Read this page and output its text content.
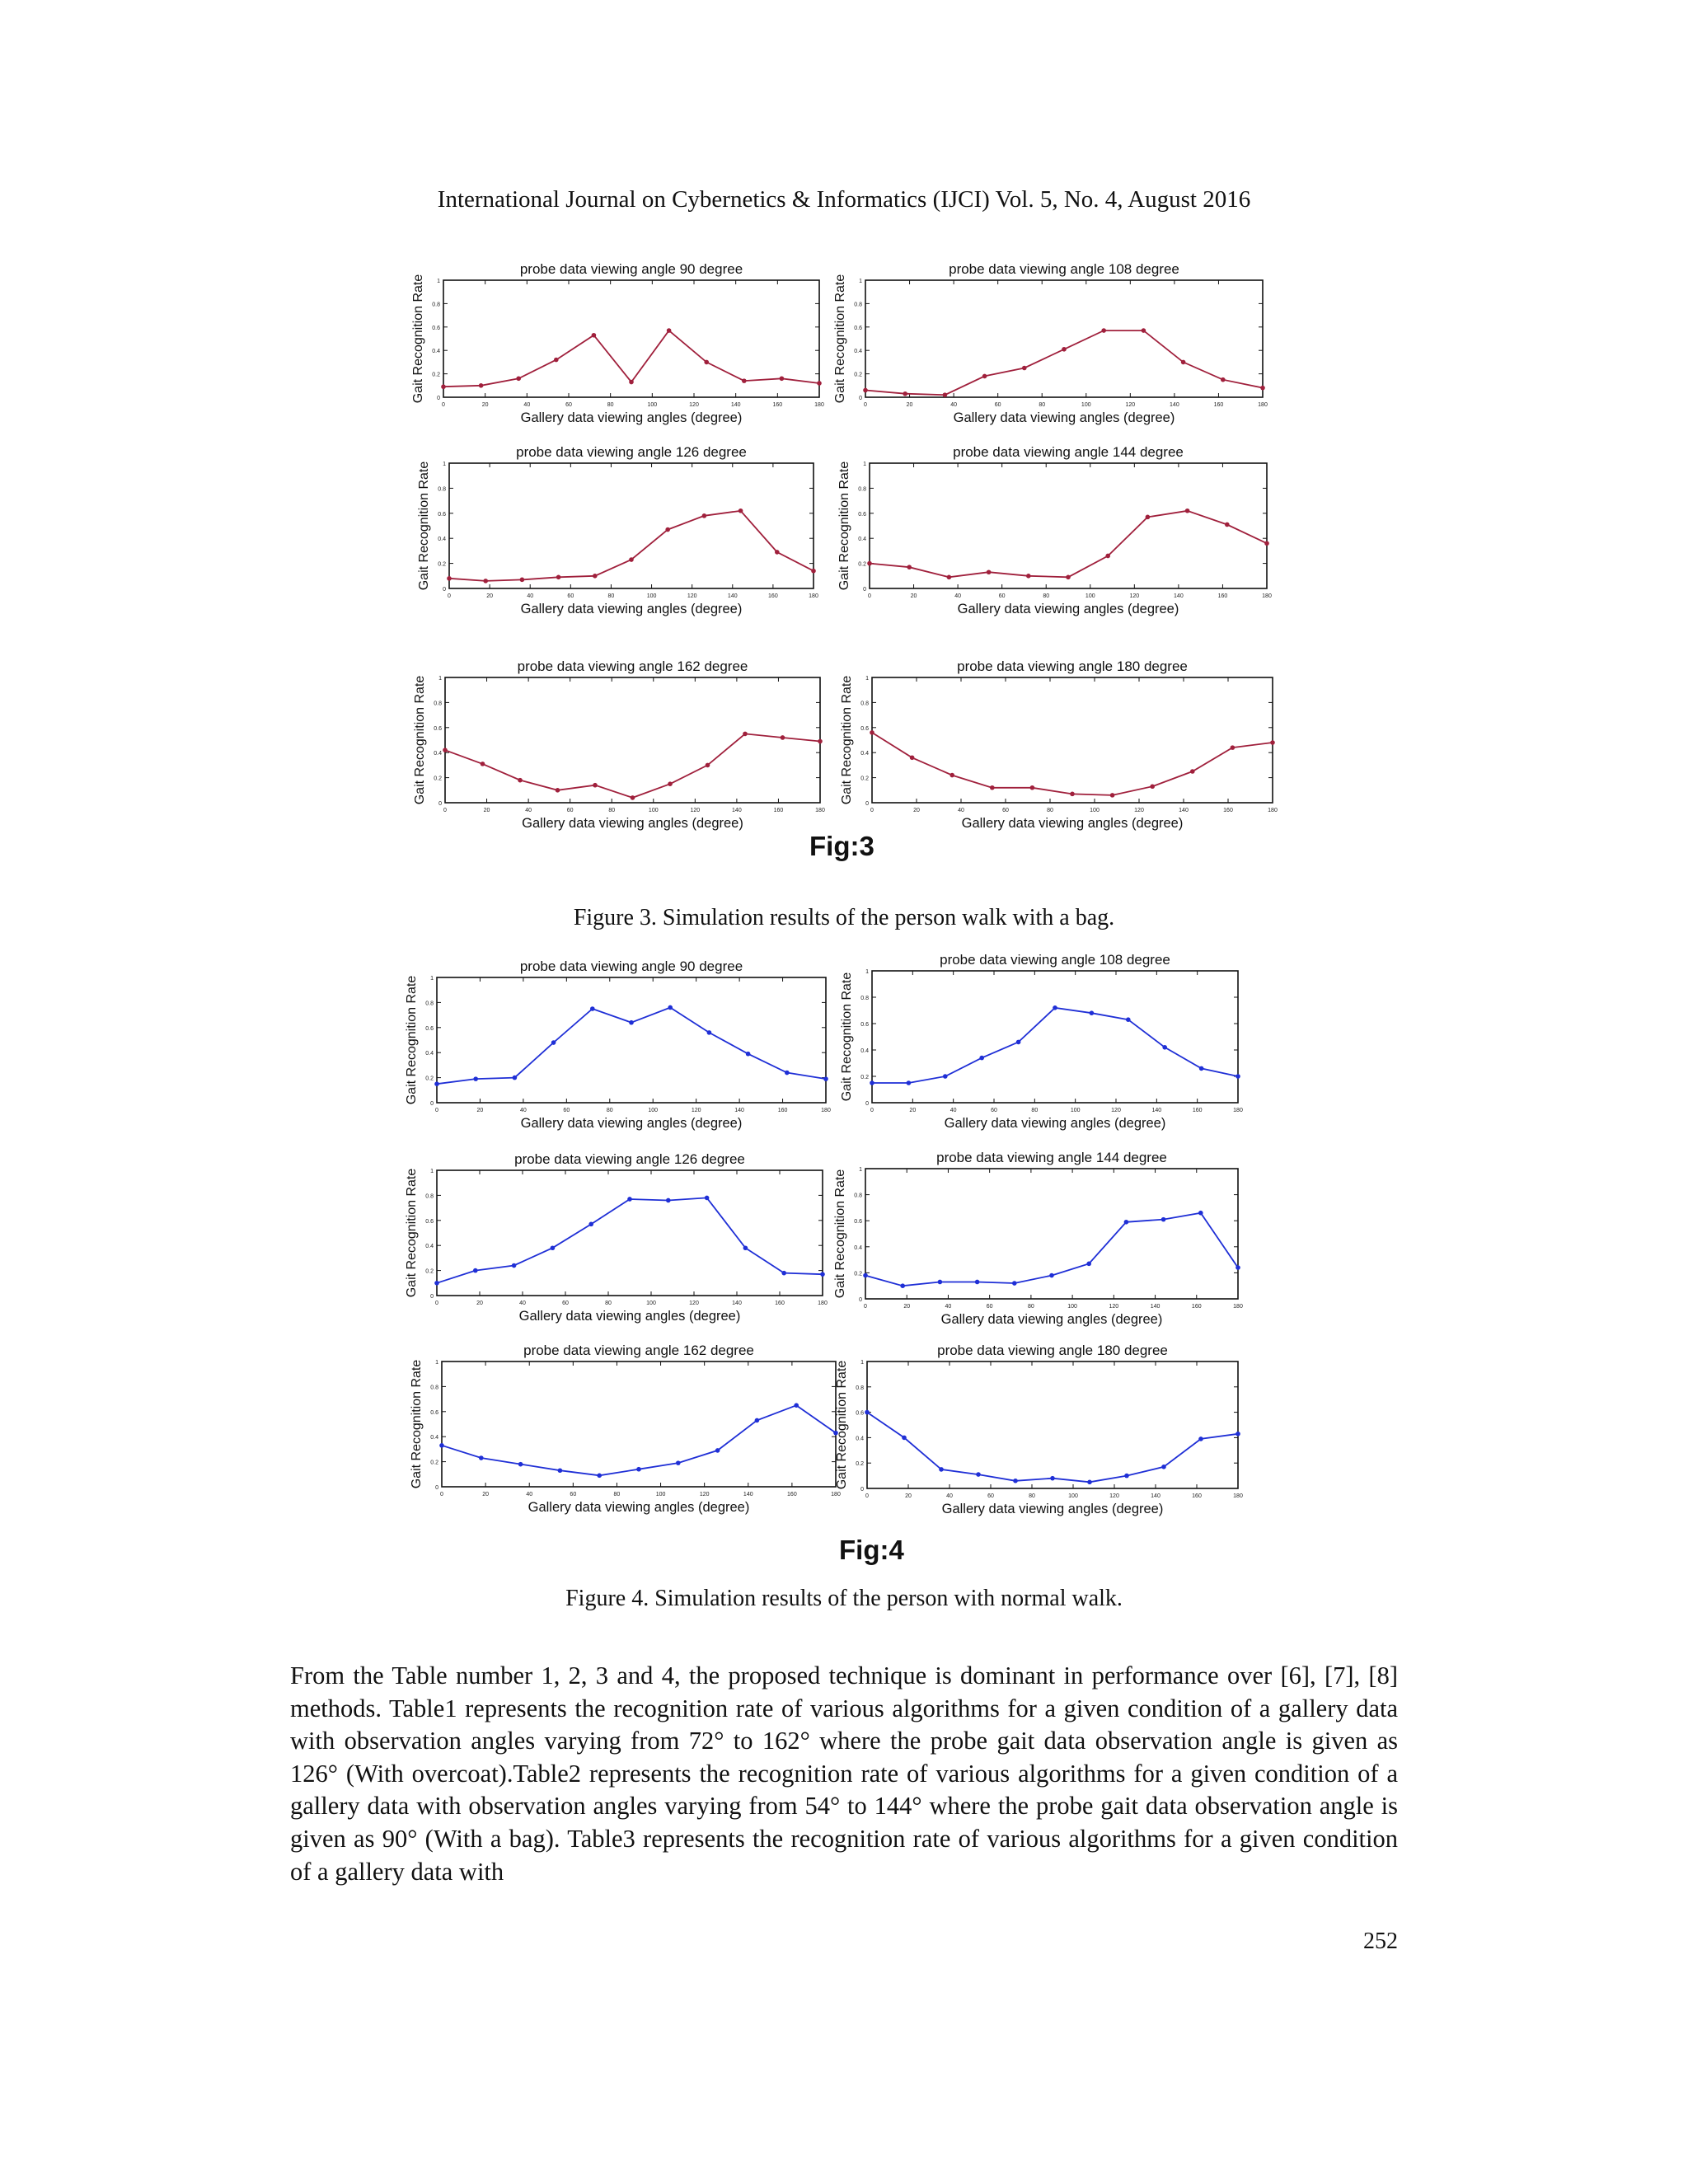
International Journal on Cybernetics & Informatics (IJCI) Vol. 5, No. 4, August 2016
0	20	40	60	80	100	120	140	160	180
0
0.2
0.4
0.6
0.8
1
probe data viewing angle 90 degree
Gallery data viewing angles (degree)
Gait Recognition Rate
0	20	40	60	80	100	120	140	160	180
0
0.2
0.4
0.6
0.8
1
probe data viewing angle 108 degree
Gallery data viewing angles (degree)
Gait Recognition Rate
0	20	40	60	80	100	120	140	160	180
0
0.2
0.4
0.6
0.8
1
probe data viewing angle 126 degree
Gallery data viewing angles (degree)
Gait Recognition Rate
0	20	40	60	80	100	120	140	160	180
0
0.2
0.4
0.6
0.8
1
probe data viewing angle 144 degree
Gallery data viewing angles (degree)
Gait Recognition Rate
0	20	40	60	80	100	120	140	160	180
0
0.2
0.4
0.6
0.8
1
probe data viewing angle 162 degree
Gallery data viewing angles (degree)
Gait Recognition Rate
0	20	40	60	80	100	120	140	160	180
0
0.2
0.4
0.6
0.8
1
probe data viewing angle 180 degree
Gallery data viewing angles (degree)
Gait Recognition Rate
Fig:3
Figure 3. Simulation results of the person walk with a bag.
0	20	40	60	80	100	120	140	160	180
0
0.2
0.4
0.6
0.8
1
probe data viewing angle 90 degree
Gallery data viewing angles (degree)
Gait Recognition Rate
0	20	40	60	80	100	120	140	160	180
0
0.2
0.4
0.6
0.8
1
probe data viewing angle 108 degree
Gallery data viewing angles (degree)
Gait Recognition Rate
0	20	40	60	80	100	120	140	160	180
0
0.2
0.4
0.6
0.8
1
probe data viewing angle 126 degree
Gallery data viewing angles (degree)
Gait Recognition Rate
0	20	40	60	80	100	120	140	160	180
0
0.2
0.4
0.6
0.8
1
probe data viewing angle 144 degree
Gallery data viewing angles (degree)
Gait Recognition Rate
0	20	40	60	80	100	120	140	160	180
0
0.2
0.4
0.6
0.8
1
probe data viewing angle 162 degree
Gallery data viewing angles (degree)
Gait Recognition Rate
0	20	40	60	80	100	120	140	160	180
0
0.2
0.4
0.6
0.8
1
probe data viewing angle 180 degree
Gallery data viewing angles (degree)
Gait Recognition Rate
Fig:4
Figure 4. Simulation results of the person with normal walk.
From the Table number 1, 2, 3 and 4, the proposed technique is dominant in performance over [6], [7], [8] methods. Table1 represents the recognition rate of various algorithms for a given condition of a gallery data with observation angles varying from 72° to 162° where the probe gait data observation angle is given as 126° (With overcoat).Table2 represents the recognition rate of various algorithms for a given condition of a gallery data with observation angles varying from 54° to 144° where the probe gait data observation angle is given as 90° (With a bag). Table3 represents the recognition rate of various algorithms for a given condition of a gallery data with
252
